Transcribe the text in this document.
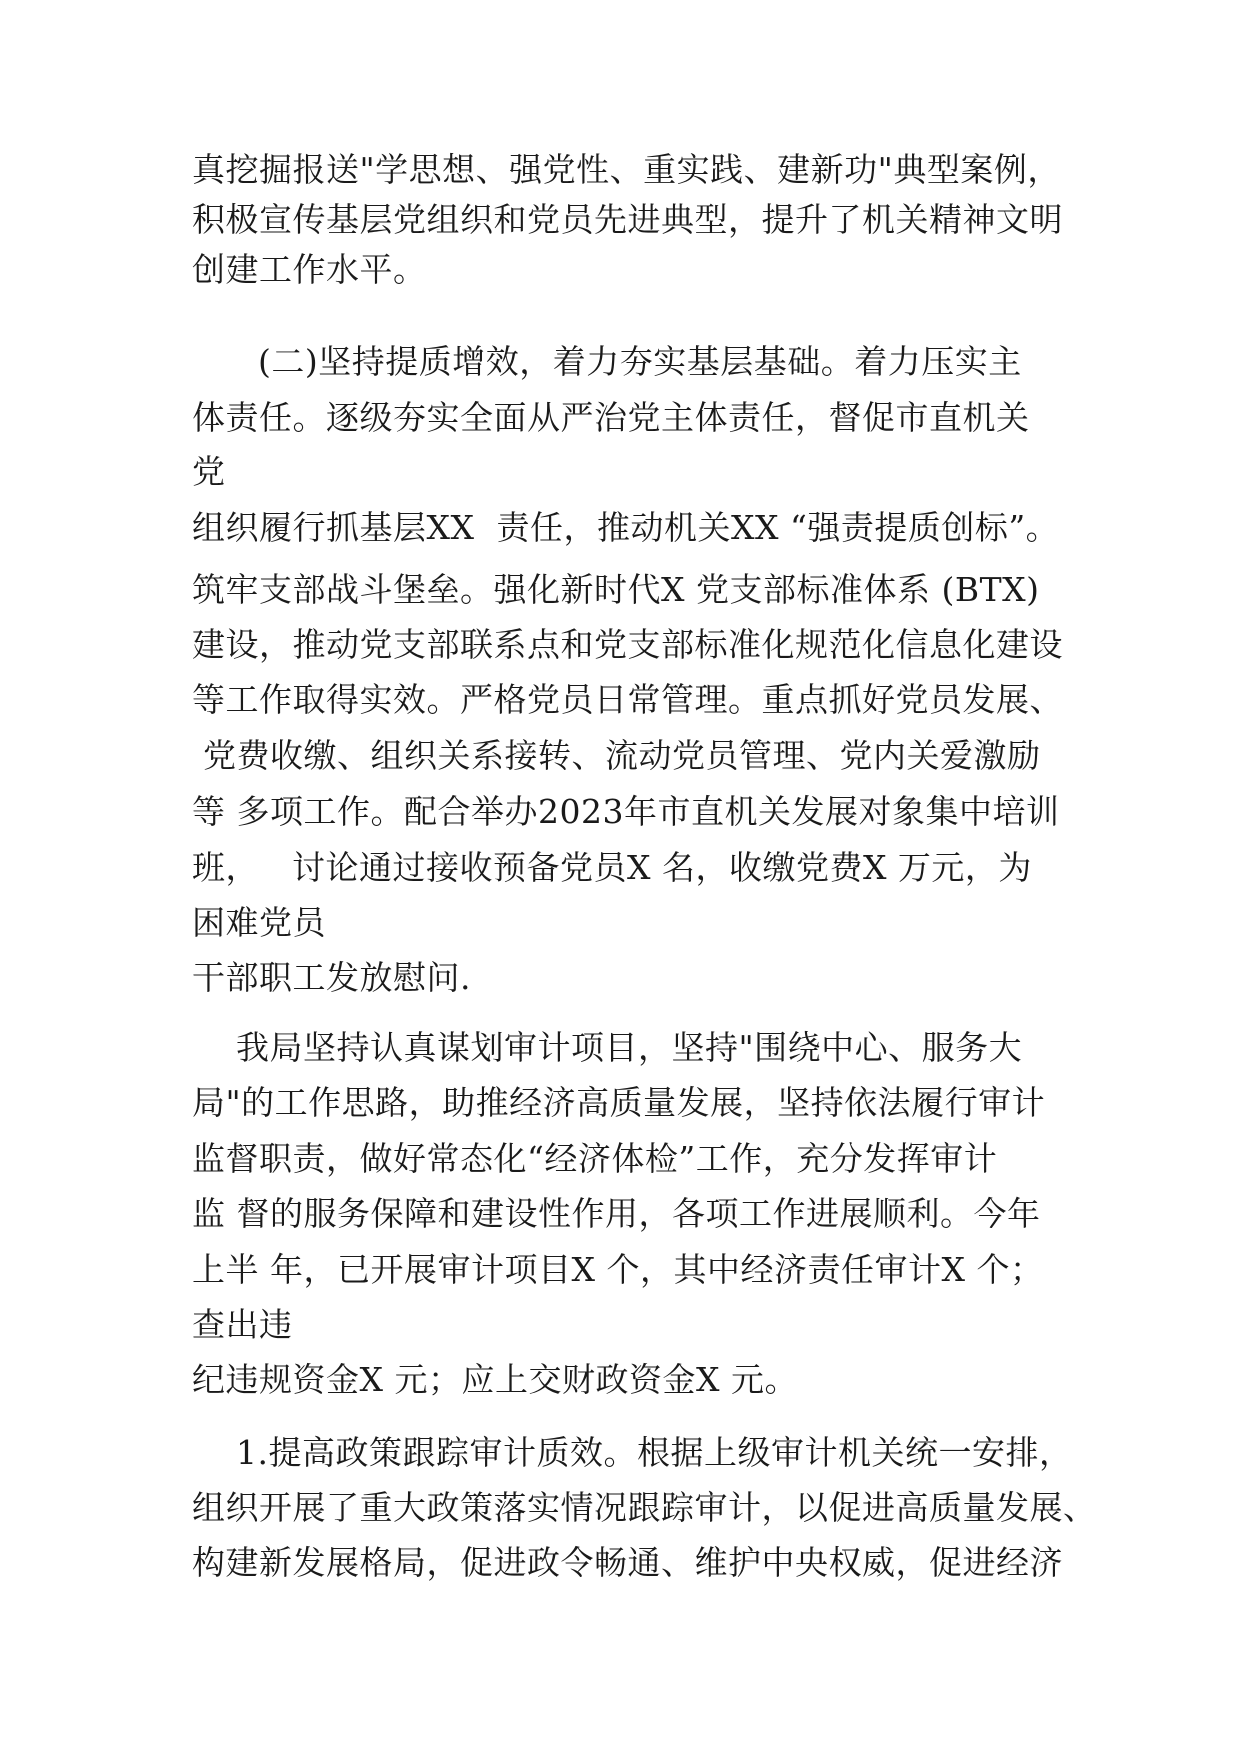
真挖掘报送"学思想、强党性、重实践、建新功"典型案例，

积极宣传基层党组织和党员先进典型，提升了机关精神文明

创建工作水平。

(二)坚持提质增效，着力夯实基层基础。着力压实主

体责任。逐级夯实全面从严治党主体责任，督促市直机关

党

组织履行抓基层XX  责任，推动机关XX “强责提质创标”。

筑牢支部战斗堡垒。强化新时代X 党支部标准体系 (BTX)

建设，推动党支部联系点和党支部标准化规范化信息化建设

等工作取得实效。严格党员日常管理。重点抓好党员发展、

党费收缴、组织关系接转、流动党员管理、党内关爱激励

等 多项工作。配合举办2023年市直机关发展对象集中培训

班，   讨论通过接收预备党员X 名，收缴党费X 万元，为

困难党员

干部职工发放慰问.

我局坚持认真谋划审计项目，坚持"围绕中心、服务大

局"的工作思路，助推经济高质量发展，坚持依法履行审计

监督职责，做好常态化“经济体检”工作，充分发挥审计

监 督的服务保障和建设性作用，各项工作进展顺利。今年

上半 年，已开展审计项目X 个，其中经济责任审计X 个；

查出违

纪违规资金X 元；应上交财政资金X 元。

1.提高政策跟踪审计质效。根据上级审计机关统一安排，

组织开展了重大政策落实情况跟踪审计，以促进高质量发展、

构建新发展格局，促进政令畅通、维护中央权威，促进经济
